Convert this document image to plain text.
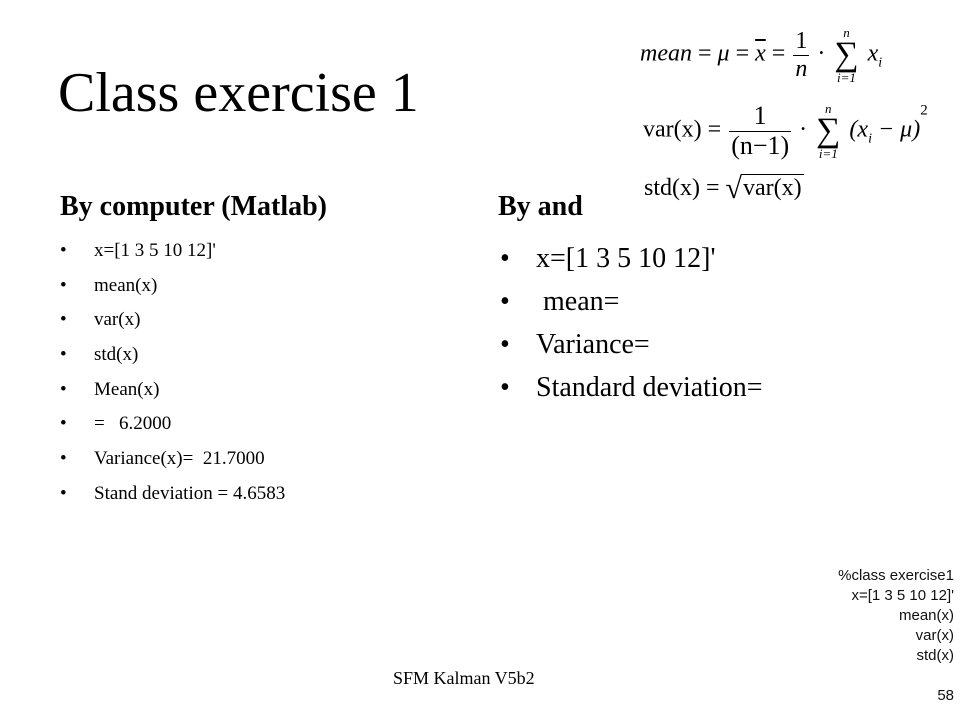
Class exercise 1
mean = $\mu = \overline{x} = \frac{1}{n}$ ·
n
∑
i=1
$x_i$
$var(x) = \frac{1}{(n-1)}$ ·
n
∑
i=1
$(x_i - \mu)^2$
std(x) = √var(x)
By computer (Matlab)	By and
• x=[1 3 5 10 12]'
• mean(x)
• var(x)
• std(x)
• Mean(x)
• =   6.2000
• Variance(x)=  21.7000
• Stand deviation = 4.6583
• x=[1 3 5 10 12]'
• mean=
• Variance=
• Standard deviation=
SFM Kalman V5b2
%class exercise1
x=[1 3 5 10 12]'
mean(x)
var(x)
std(x)
58
